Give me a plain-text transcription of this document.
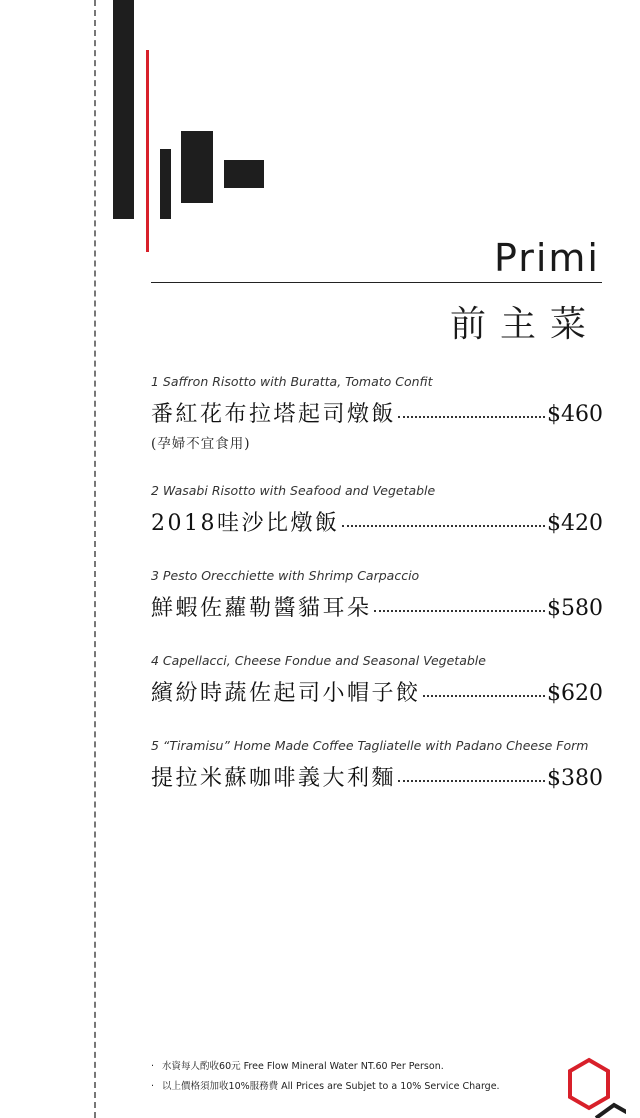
Primi
前主菜
1 Saffron Risotto with Buratta, Tomato Confit
番紅花布拉塔起司燉飯	$460
(孕婦不宜食用)
2 Wasabi Risotto with Seafood and Vegetable
2018哇沙比燉飯	$420
3 Pesto Orecchiette with Shrimp Carpaccio
鮮蝦佐蘿勒醬貓耳朵	$580
4 Capellacci, Cheese Fondue and Seasonal Vegetable
繽紛時蔬佐起司小帽子餃	$620
5 “Tiramisu” Home Made Coffee Tagliatelle with Padano Cheese Form
提拉米蘇咖啡義大利麵	$380
· 水資每人酌收60元 Free Flow Mineral Water NT.60 Per Person.
· 以上價格須加收10%服務費 All Prices are Subjet to a 10% Service Charge.
